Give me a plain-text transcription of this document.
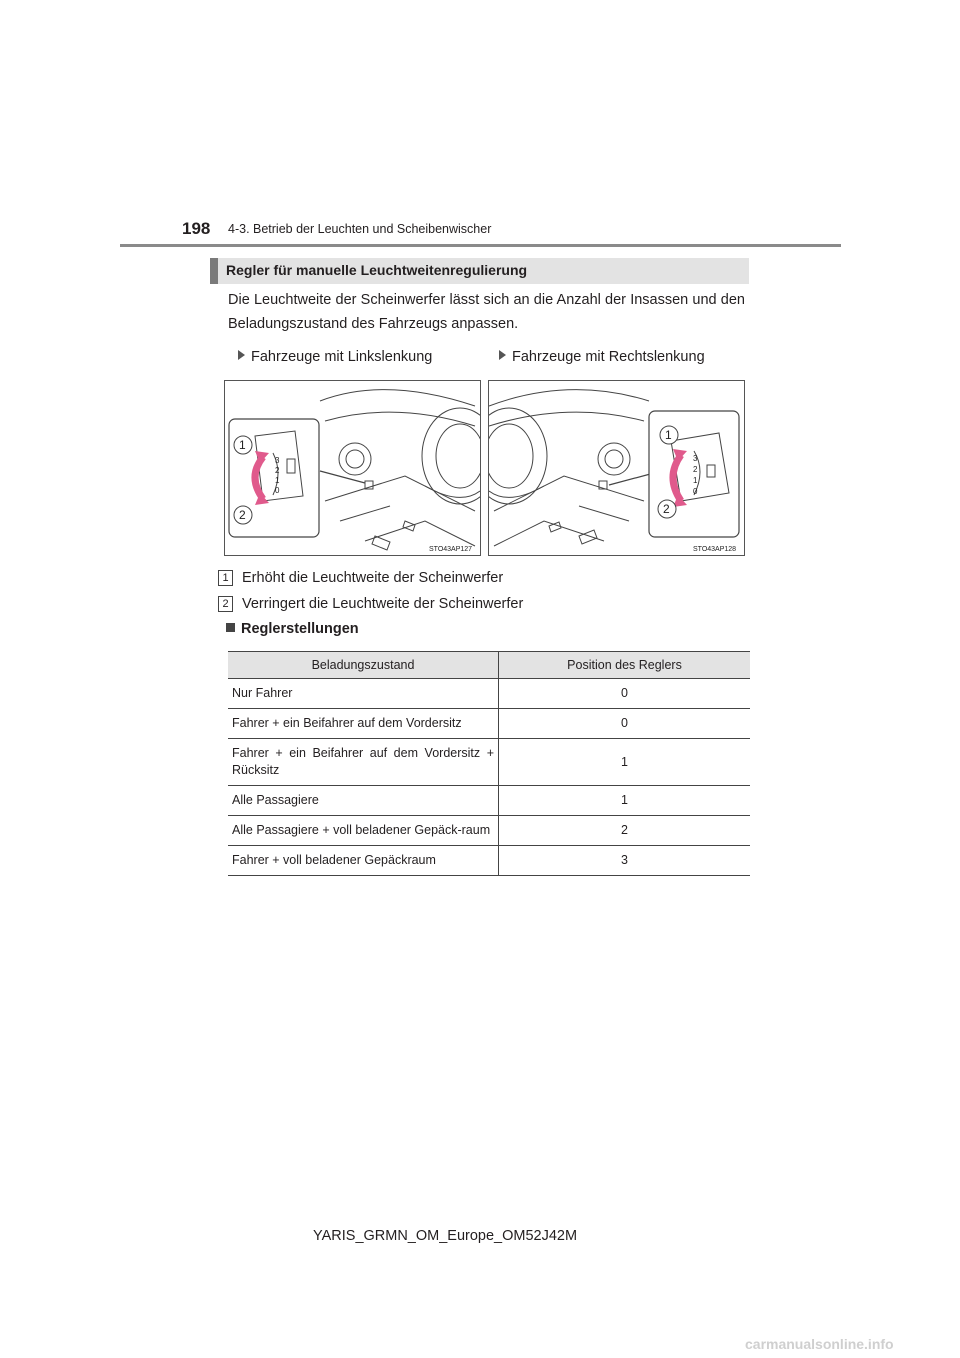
198 4-3. Betrieb der Leuchten und Scheibenwischer
Regler für manuelle Leuchtweitenregulierung
Die Leuchtweite der Scheinwerfer lässt sich an die Anzahl der Insassen und den Beladungszustand des Fahrzeugs anpassen.
Fahrzeuge mit Linkslenkung	Fahrzeuge mit Rechtslenkung
3
2
1
0
1
2
STO43AP127
3
2
1
0
1
2
STO43AP128
1 Erhöht die Leuchtweite der Scheinwerfer
2 Verringert die Leuchtweite der Scheinwerfer
Reglerstellungen
Beladungszustand	Position des Reglers
Nur Fahrer	0
Fahrer + ein Beifahrer auf dem Vordersitz	0
Fahrer + ein Beifahrer auf dem Vordersitz + Rücksitz	1
Alle Passagiere	1
Alle Passagiere + voll beladener Gepäck-raum	2
Fahrer + voll beladener Gepäckraum	3
YARIS_GRMN_OM_Europe_OM52J42M
carmanualsonline.info
